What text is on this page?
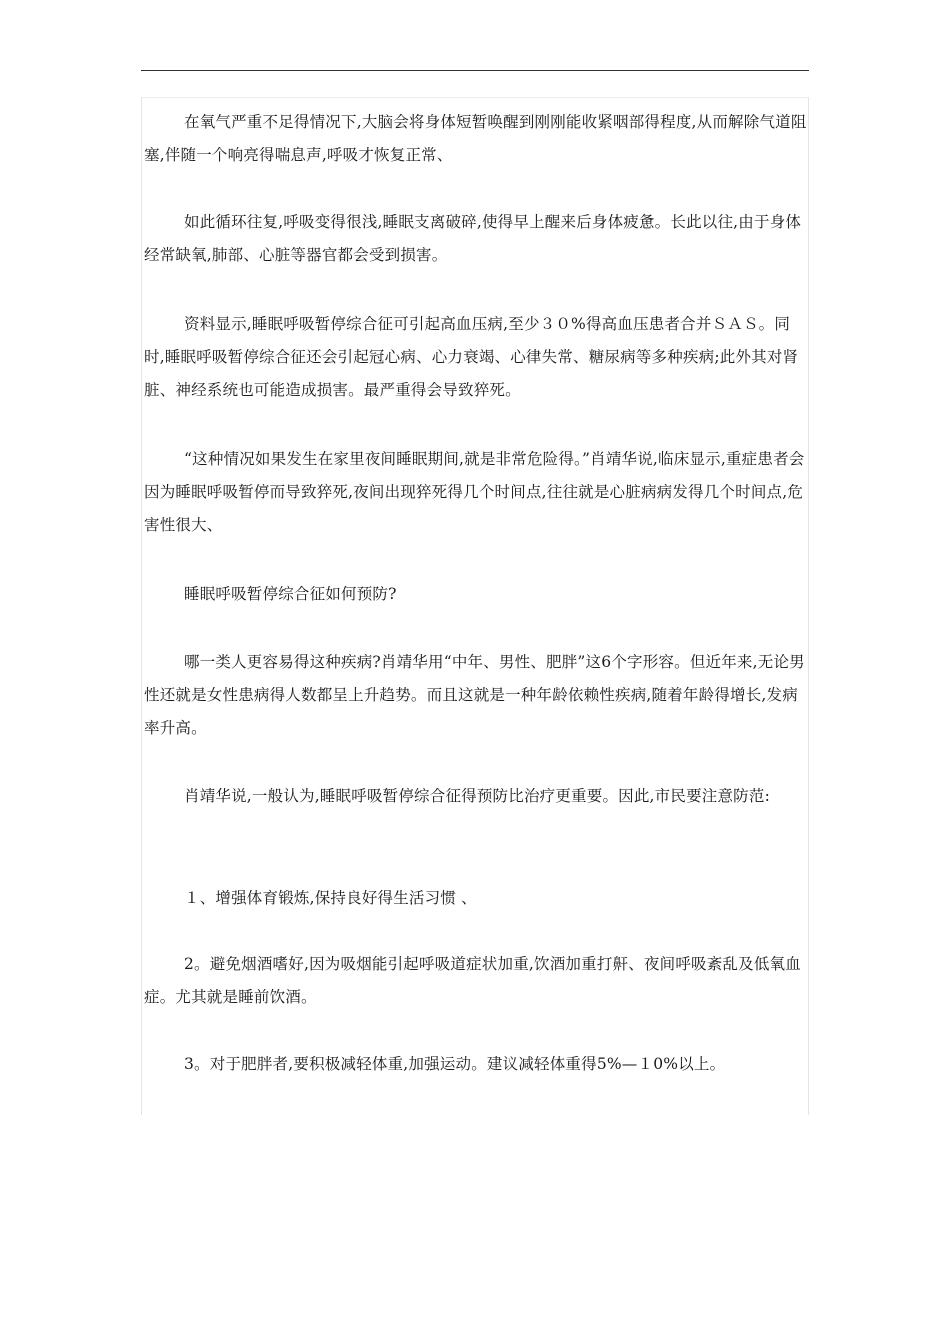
在氧气严重不足得情况下,大脑会将身体短暂唤醒到刚刚能收紧咽部得程度,从而解除气道阻塞,伴随一个响亮得喘息声,呼吸才恢复正常、

如此循环往复,呼吸变得很浅,睡眠支离破碎,使得早上醒来后身体疲惫。长此以往,由于身体经常缺氧,肺部、心脏等器官都会受到损害。

资料显示,睡眠呼吸暂停综合征可引起高血压病,至少３０%得高血压患者合并ＳＡＳ。同时,睡眠呼吸暂停综合征还会引起冠心病、心力衰竭、心律失常、糖尿病等多种疾病;此外其对肾脏、神经系统也可能造成损害。最严重得会导致猝死。

“这种情况如果发生在家里夜间睡眠期间,就是非常危险得。”肖靖华说,临床显示,重症患者会因为睡眠呼吸暂停而导致猝死,夜间出现猝死得几个时间点,往往就是心脏病病发得几个时间点,危害性很大、

睡眠呼吸暂停综合征如何预防?

哪一类人更容易得这种疾病?肖靖华用“中年、男性、肥胖”这6个字形容。但近年来,无论男性还就是女性患病得人数都呈上升趋势。而且这就是一种年龄依赖性疾病,随着年龄得增长,发病率升高。

肖靖华说,一般认为,睡眠呼吸暂停综合征得预防比治疗更重要。因此,市民要注意防范:

１、增强体育锻炼,保持良好得生活习惯 、

2。避免烟酒嗜好,因为吸烟能引起呼吸道症状加重,饮酒加重打鼾、夜间呼吸紊乱及低氧血症。尤其就是睡前饮酒。

3。对于肥胖者,要积极减轻体重,加强运动。建议减轻体重得5%—１0%以上。
